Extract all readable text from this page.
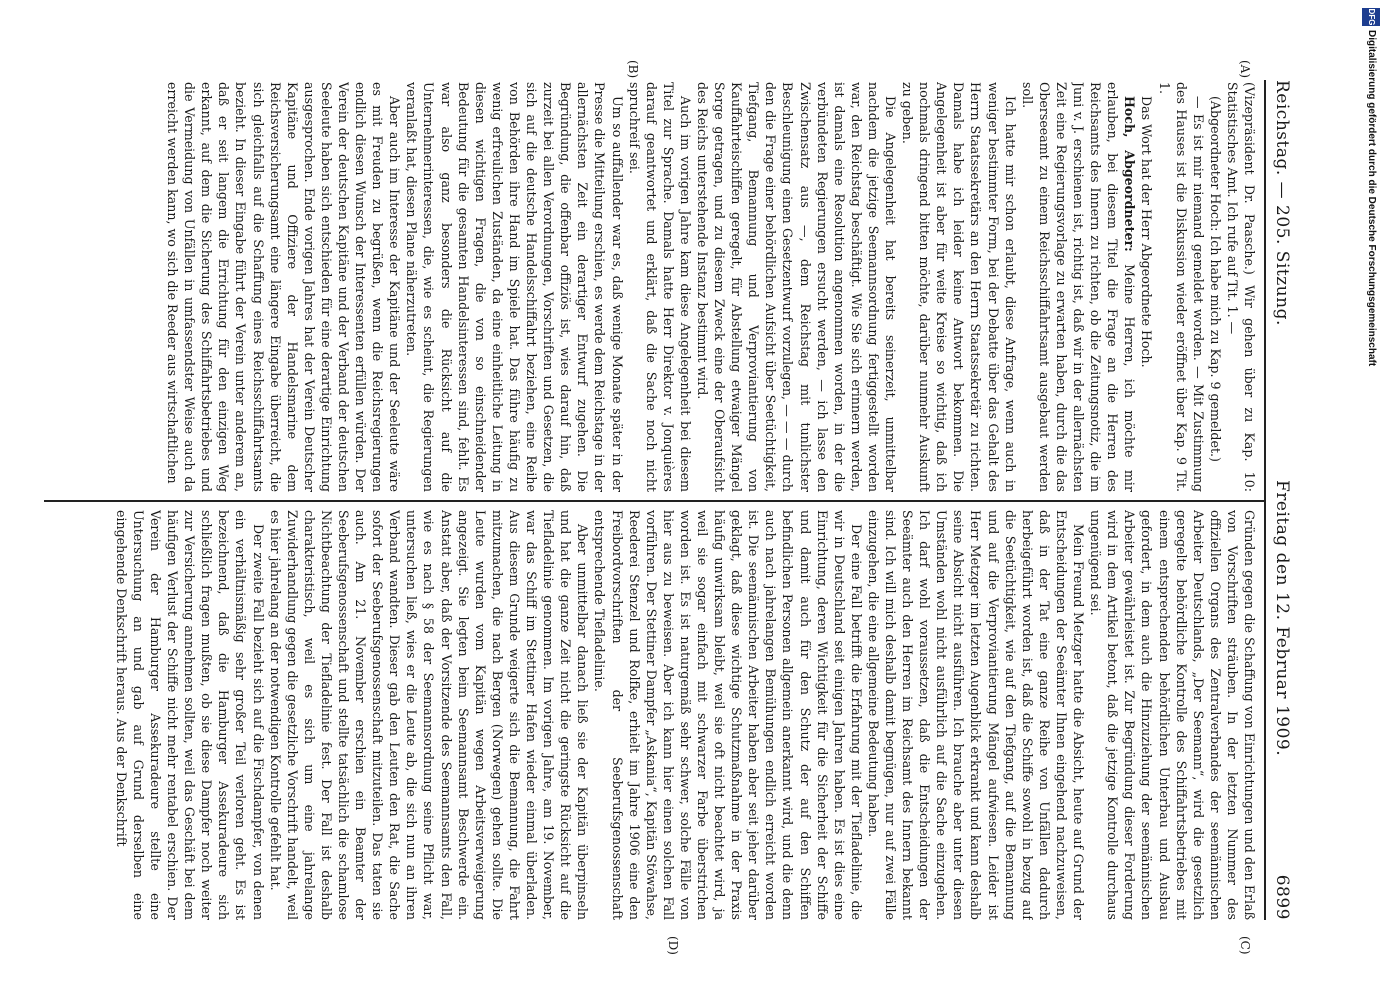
DFG
Digitalisierung gefördert durch die Deutsche Forschungsgemeinschaft
Reichstag. — 205. Sitzung.
Freitag den 12. Februar 1909.
6899
(A)
(B)
(C)
(D)

(Vizepräsident Dr. Paasche.) Wir gehen über zu Kap. 10: Statistisches Amt. Ich rufe auf Tit. 1. —

(Abgeordneter Hoch: Ich habe mich zu Kap. 9 gemeldet.)

— Es ist mir niemand gemeldet worden. — Mit Zustimmung des Hauses ist die Diskussion wieder eröffnet über Kap. 9 Tit. 1.

Das Wort hat der Herr Abgeordnete Hoch.

Hoch, Abgeordneter: Meine Herren, ich möchte mir erlauben, bei diesem Titel die Frage an die Herren des Reichsamts des Innern zu richten, ob die Zeitungsnotiz, die im Juni v. J. erschienen ist, richtig ist, daß wir in der allernächsten Zeit eine Regierungsvorlage zu erwarten haben, durch die das Oberseeamt zu einem Reichsschiffahrtsamt ausgebaut werden soll.

Ich hatte mir schon erlaubt, diese Anfrage, wenn auch in weniger bestimmter Form, bei der Debatte über das Gehalt des Herrn Staatssekretärs an den Herrn Staatssekretär zu richten. Damals habe ich leider keine Antwort bekommen. Die Angelegenheit ist aber für weite Kreise so wichtig, daß ich nochmals dringend bitten möchte, darüber nunmehr Auskunft zu geben.

Die Angelegenheit hat bereits seinerzeit, unmittelbar nachdem die jetzige Seemannsordnung fertiggestellt worden war, den Reichstag beschäftigt. Wie Sie sich erinnern werden, ist damals eine Resolution angenommen worden, in der die verbündeten Regierungen ersucht werden, — ich lasse den Zwischensatz aus —, dem Reichstag mit tunlichster Beschleunigung einen Gesetzentwurf vorzulegen, — — — durch den die Frage einer behördlichen Aufsicht über Seetüchtigkeit, Tiefgang, Bemannung und Verproviantierung von Kauffahrteischiffen geregelt, für Abstellung etwaiger Mängel Sorge getragen, und zu diesem Zweck eine der Oberaufsicht des Reichs unterstehende Instanz bestimmt wird.

Auch im vorigen Jahre kam diese Angelegenheit bei diesem Titel zur Sprache. Damals hatte Herr Direktor v. Jonquières darauf geantwortet und erklärt, daß die Sache noch nicht spruchreif sei.

Um so auffallender war es, daß wenige Monate später in der Presse die Mitteilung erschien, es werde dem Reichstage in der allernächsten Zeit ein derartiger Entwurf zugehen. Die Begründung, die offenbar offiziös ist, wies darauf hin, daß zurzeit bei allen Verordnungen, Vorschriften und Gesetzen, die sich auf die deutsche Handelsschiffahrt beziehen, eine Reihe von Behörden ihre Hand im Spiele hat. Das führe häufig zu wenig erfreulichen Zuständen, da eine einheitliche Leitung in diesen wichtigen Fragen, die von so einschneidender Bedeutung für die gesamten Handelsinteressen sind, fehlt. Es war also ganz besonders die Rücksicht auf die Unternehmerinteressen, die, wie es scheint, die Regierungen veranlaßt hat, diesen Plane näherzutreten.

Aber auch im Interesse der Kapitäne und der Seeleute wäre es mit Freuden zu begrüßen, wenn die Reichsregierungen endlich diesen Wunsch der Interessenten erfüllen würden. Der Verein der deutschen Kapitäne und der Verband der deutschen Seeleute haben sich entschieden für eine derartige Einrichtung ausgesprochen. Ende vorigen Jahres hat der Verein Deutscher Kapitäne und Offiziere der Handelsmarine dem Reichsversicherungsamt eine längere Eingabe überreicht, die sich gleichfalls auf die Schaffung eines Reichsschiffahrtsamts bezieht. In dieser Eingabe führt der Verein unter anderem an, daß er seit langem die Errichtung für den einzigen Weg erkannt, auf dem die Sicherung des Schiffahrtsbetriebes und die Vermeidung von Unfällen in umfassendster Weise auch da erreicht werden kann, wo sich die Reeder aus wirtschaftlichen

Gründen gegen die Schaffung von Einrichtungen und den Erlaß von Vorschriften sträuben. In der letzten Nummer des offiziellen Organs des Zentralverbandes der seemännischen Arbeiter Deutschlands, „Der Seemann“, wird die gesetzlich geregelte behördliche Kontrolle des Schiffahrtsbetriebes mit einem entsprechenden behördlichen Unterbau und Ausbau gefordert, in dem auch die Hinzuziehung der seemännischen Arbeiter gewährleistet ist. Zur Begründung dieser Forderung wird in dem Artikel betont, daß die jetzige Kontrolle durchaus ungenügend sei.

Mein Freund Metzger hatte die Absicht, heute auf Grund der Entscheidungen der Seeämter Ihnen eingehend nachzuweisen, daß in der Tat eine ganze Reihe von Unfällen dadurch herbeigeführt worden ist, daß die Schiffe sowohl in bezug auf die Seetüchtigkeit, wie auf den Tiefgang, auf die Bemannung und auf die Verproviantierung Mängel aufwiesen. Leider ist Herr Metzger im letzten Augenblick erkrankt und kann deshalb seine Absicht nicht ausführen. Ich brauche aber unter diesen Umständen wohl nicht ausführlich auf die Sache einzugehen. Ich darf wohl voraussetzen, daß die Entscheidungen der Seeämter auch den Herren im Reichsamt des Innern bekannt sind. Ich will mich deshalb damit begnügen, nur auf zwei Fälle einzugehen, die eine allgemeine Bedeutung haben.

Der eine Fall betrifft die Erfahrung mit der Tiefladelinie, die wir in Deutschland seit einigen Jahren haben. Es ist dies eine Einrichtung, deren Wichtigkeit für die Sicherheit der Schiffe und damit auch für den Schutz der auf den Schiffen befindlichen Personen allgemein anerkannt wird, und die denn auch nach jahrelangen Bemühungen endlich erreicht worden ist. Die seemännischen Arbeiter haben aber seit jeher darüber geklagt, daß diese wichtige Schutzmaßnahme in der Praxis häufig unwirksam bleibt, weil sie oft nicht beachtet wird, ja weil sie sogar einfach mit schwarzer Farbe überstrichen worden ist. Es ist naturgemäß sehr schwer, solche Fälle von hier aus zu beweisen. Aber ich kann hier einen solchen Fall vorführen. Der Stettiner Dampfer „Askania“, Kapitän Stöwahse, Reederei Stenzel und Rolfke, erhielt im Jahre 1906 eine den Freibordvorschriften der Seeberufsgenossenschaft entsprechende Tiefladelinie.

Aber unmittelbar danach ließ sie der Kapitän überpinseln und hat die ganze Zeit nicht die geringste Rücksicht auf die Tiefladelinie genommen. Im vorigen Jahre, am 19. November, war das Schiff im Stettiner Hafen wieder einmal überladen. Aus diesem Grunde weigerte sich die Bemannung, die Fahrt mitzumachen, die nach Bergen (Norwegen) gehen sollte. Die Leute wurden vom Kapitän wegen Arbeitsverweigerung angezeigt. Sie legten beim Seemannsamt Beschwerde ein. Anstatt aber, daß der Vorsitzende des Seemannsamts den Fall, wie es nach § 58 der Seemannsordnung seine Pflicht war, untersuchen ließ, wies er die Leute ab, die sich nun an ihren Verband wandten. Dieser gab den Leuten den Rat, die Sache sofort der Seeberufsgenossenschaft mitzuteilen. Das taten sie auch. Am 21. November erschien ein Beamter der Seeberufsgenossenschaft und stellte tatsächlich die schamlose Nichtbeachtung der Tiefladelinie fest. Der Fall ist deshalb charakteristisch, weil es sich um eine jahrelange Zuwiderhandlung gegen die gesetzliche Vorschrift handelt, weil es hier jahrelang an der notwendigen Kontrolle gefehlt hat.

Der zweite Fall bezieht sich auf die Fischdampfer, von denen ein verhältnismäßig sehr großer Teil verloren geht. Es ist bezeichnend, daß die Hamburger Assekuradeure sich schließlich fragen mußten, ob sie diese Dampfer noch weiter zur Versicherung annehmen sollten, weil das Geschäft bei dem häufigen Verlust der Schiffe nicht mehr rentabel erschien. Der Verein der Hamburger Assekuradeure stellte eine Untersuchung an und gab auf Grund derselben eine eingehende Denkschrift heraus. Aus der Denkschrift
